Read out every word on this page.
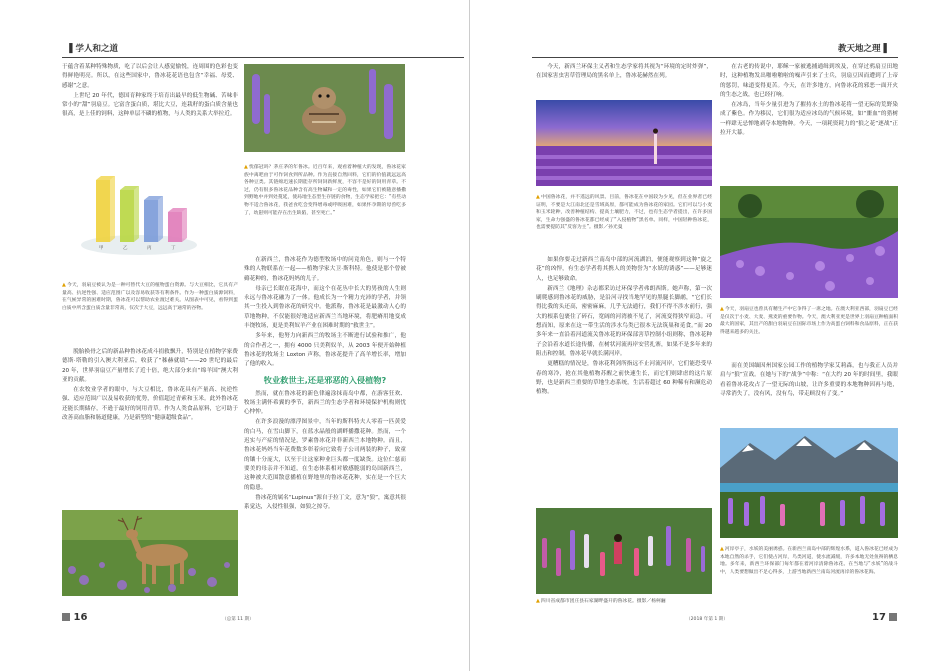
▐ 学人和之道

于蕴含着某种特殊物质，吃了以后会让人感觉愉悦，连周围的色彩也变得鲜艳明亮。所以，在这些国家中，鲁冰花花语也包含“幸福、母爱、感谢”之意。

上世纪 20 年代，德国育种家终于培育出最早的低生物碱、苦味非常小的“甜”羽扇豆。它富含蛋白质，堪比大豆，连栽籽的蛋白质含量也很高，是上佳的饲料，这种单层不磷的植物，与人类的关系大举拉近。

甲	乙	丙	丁
▲ 今天，羽扇豆被认为是一种可替代大豆的植物蛋白资源。与大豆相比，它具有产量高、抗逆性强、适应范围广以及容易收获等有利条件。作为一种蛋白质源饲料，在气候异常的困难时期，鲁冰花可以帮助农业渡过难关。从图表中可见，看得到蛋白质中所含蛋白质含量非常高，仅次于大豆，远远高于通常的谷物。

脱胎换骨之后的新品种鲁冰花成斗捐救飘升，特别是在植物学家费德斯·塔勒的引入澳大利亚后，收获了“秭赫就绩”——20 世纪的最后 20 年，世界羽扇豆产量增长了近十倍，绝大部分来自“绵羊国”澳大利亚的贡献。

在农牧业学者的眼中，与大豆相比，鲁冰花具有产量高、抗逆性强、适应范围广以及易收获的优势，价值超过青索和玉米。此外鲁冰花还能长期储存，不逊于最好的饲用青草。作为人类食品原料，它可助于改善高血脂和肠道健康，乃是新型的“健康超级食品”。

▲ 忧郁冠吗？茅庄茅的年鲁冰。近百年来，观看着种植大的发现，鲁冰花家族中离吧由于可作饲食到所品种。作为直接自然回料，它们的价值就远远高各种豆类。其链绵迅速长期能存所饲饲新鲜度，不容不是好的饲用青草。不过，仍有很多鲁冰花品种含有高生物碱和一定的毒性，如果它们被随意播撒到野地中并到处蔓延，使局地生态型生存链的食物，生态学家把它：“有些动物不适合鲁冰花，我爸食吃会变得增毒或呼吸困难，如果怀孕期的母兽吃多了，幼崽则可能存在出生缺陷，甚至死亡。”

在新西兰，鲁冰花作为德型牧场中的问竟角色，则与一个特殊的人物联系在一起——植物学家大卫·斯科特。他使是那个曾被薅花种的，鲁冰花妈妈的儿子。

母亲已长眠在花海中，而这个在花丛中长大的男孩的人生则永远与鲁冰花融为了一体。他成长为一个精力充沛的学者，并领其一生投入到鲁冰花的研究中。他派称，鲁冰花是最激动人心的草地物种，不仅能很好地适应新西兰当地环境，将肥瘠用地变成丰饶牧场，更是美利奴羊产业在困难时期的“救世主”。

多年来，他努力向新西兰的牧场主不断进行试验和推广，他的合作者之一，拥有 4000 只美利奴羊，从 2003 年便开始种植鲁冰花的牧场主 Loxton 声称，鲁冰花提升了高羊增长率，增加了他的收入。

牧业救世主,还是邪恶的入侵植物?

然而，就在鲁冰花的新色律遍涂抹南岛中都，在游客狂欢、牧场主满怀希翼的季节，新西兰的生态学者和环境保护机构则忧心忡忡。

在许多浪漫的漂浮图景中，当年的斯科特夫人零着一匹黄爱的白马，在雪山脚下，在蓝水晶般的湖畔播撒花种。然而，一个迟实与产症的情况是，罗素鲁冰花并非新西兰本地物种。而且，鲁冰花妈妈当年花费数多彰着向它致将子公司两装的种子，致童的镶十分庞大，以至于让这家种业巨头都一度缺货。这位仁慈而要美的母亲并不知道，在生态体系相对敏感脆弱的岛国新西兰，这种被大范围散意播植在野地里的鲁冰花花种，实在是一个巨大的隐患。

鲁冰花的属名“Lupinus”源自于拉丁文，意为“狼”，寓意其很系觉达，入侵性很强，如狼之掠夺。

16	（总第 11 期）
教天地之理 ▌

今天，新西兰环保主义者和生态学家将其视为“环境的定时炸弹”，在国家害虫害草管理局的黑名单上，鲁冰花赫然在列。

▲ 中国鲁冰花，并不遥远的风景。目前，鲁冰花在中国较为少见，但在业界者已经证明，不要是大江南北还是雪域高原，都可能成为鲁冰花的家园。它们可以与小麦和玉米轮种，改善种植结构、提高土壤肥力，不过，也有生态学者提出，在许多国家，生命力强盛的鲁冰花都已经成了“入侵植物”黑名单。同样，中国轻种鲁冰花，也需要提防其“反客为主”。摄影／孙光曼

如果你要走过新西兰南岛中部的河流湖泊，便能观察到这种“旋之花”的凶悍，有生态学者将其携人的美物誉为“水妖的诱惑”——足够迷人，也足够致命。

新西兰《地理》杂志都采访过环保学者弗朗西斯。她声称，第一次刷爬感到鲁冰花的威胁，是沿河寻找当地罕见的黑腿长脚鹬，“它们长得比我的头还高，密密麻麻，几乎无法通行，我们不得不涉水前行，强大的根系包裹住了碎石，宽阔的河湾被不见了，河流变得狭窄而急。可想而知，原来在这一带生活的涉水鸟类已很本无法筑巢和觅食。”而 20 多年来一直沿着河道流关鲁冰花的环保部害草控制小组则称，鲁冰花种子会沿着水道长途传播，在树状河流再岸安营扎寨，如果不是多年来的阻击和控制，鲁冰花早就长满河岸。

更糟糕的情况是，鲁冰花利剑所指远不止河流河岸，它们能恐受早春的寒冷，抢在其他植物苏醒之前快速生长，而它们则肆虐的这片原野，也是新西兰重要的草地生态系统，生活着超过 60 种稀有和濒危动植物。

▲ 四川省成都市团庄县石家湖畔盛开的鲁冰花。摄影／杨柯骊

在古老的传说中，耶稣一家被逃捕通缉到埃及，在穿过鸦扇豆田地时，这种植物发出啪啦啪啦的噪声引来了士兵，羽扇豆因而遭到了上帝的惩罚，味道变得更苦。今天，在许多地方，向鲁冰花的邪恶一面开火的生态之战，也已经打响。

在冰岛，当年少量引进为了摧持水土的鲁冰花将一望无际的荒野染成了紫色。作为移民，它们很为适应冰岛的气候环境，如“噩血”的猎树一样肆无忌惮地剥夺本地物种。今天，一项耗资耗力的“狼之花”逐战”正拉开大幕。

▲ 今天，羽扇豆也曾具有精生产中它争得了一席之地。在澳大利亚西部，羽扇豆已经是仅次于小麦、大麦、燕麦的重要作物。今天，澳大利亚更是世界上羽扇豆种植面积最大的国家，其出产的甜白羽扇豆在国际市场上作为高蛋白饲料和食品原料，正在获得越来越多的关注。

而在美国缅因州国家公园工作的植物学家艾莉森，也与我正人员并肩与“狼”宣战。在她与下的“战争”中称：“在大约 20 年的时间里，我眼看着鲁冰花攻占了一望无际的山坡，让许多重要的本地物种因再与绝，寻常消失了，没有风，没有鸟，带走顾没有了变。”

▲ 河岸亭子，水妖的美丽诱惑。在新西兰南岛中部的辉煌水系，道入鲁冰花已经成为本地自然的杀手，它们使占河岸，鸟类河道，使水流减缓，许多本地无处鱼辩的栖息地。多年来，新西兰环保部门每年都在着河岸清除鲁冰花。在当地与“水妖”的战斗中，人类要想做出不足心得多，上游当地新西兰南岛河流再岸的鲁冰花海。
17
（2018 年第 1 期）
